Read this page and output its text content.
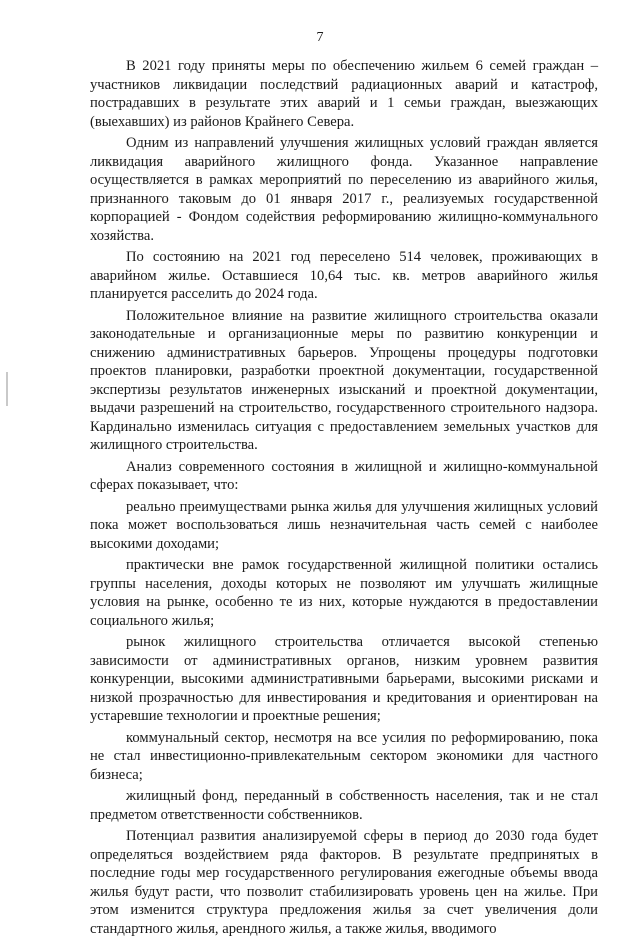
7

В 2021 году приняты меры по обеспечению жильем 6 семей граждан – участников ликвидации последствий радиационных аварий и катастроф, пострадавших в результате этих аварий и 1 семьи граждан, выезжающих (выехавших) из районов Крайнего Севера.

Одним из направлений улучшения жилищных условий граждан является ликвидация аварийного жилищного фонда. Указанное направление осуществляется в рамках мероприятий по переселению из аварийного жилья, признанного таковым до 01 января 2017 г., реализуемых государственной корпорацией - Фондом содействия реформированию жилищно-коммунального хозяйства.

По состоянию на 2021 год переселено 514 человек, проживающих в аварийном жилье. Оставшиеся 10,64 тыс. кв. метров аварийного жилья планируется расселить до 2024 года.

Положительное влияние на развитие жилищного строительства оказали законодательные и организационные меры по развитию конкуренции и снижению административных барьеров. Упрощены процедуры подготовки проектов планировки, разработки проектной документации, государственной экспертизы результатов инженерных изысканий и проектной документации, выдачи разрешений на строительство, государственного строительного надзора. Кардинально изменилась ситуация с предоставлением земельных участков для жилищного строительства.

Анализ современного состояния в жилищной и жилищно-коммунальной сферах показывает, что:

реально преимуществами рынка жилья для улучшения жилищных условий пока может воспользоваться лишь незначительная часть семей с наиболее высокими доходами;

практически вне рамок государственной жилищной политики остались группы населения, доходы которых не позволяют им улучшать жилищные условия на рынке, особенно те из них, которые нуждаются в предоставлении социального жилья;

рынок жилищного строительства отличается высокой степенью зависимости от административных органов, низким уровнем развития конкуренции, высокими административными барьерами, высокими рисками и низкой прозрачностью для инвестирования и кредитования и ориентирован на устаревшие технологии и проектные решения;

коммунальный сектор, несмотря на все усилия по реформированию, пока не стал инвестиционно-привлекательным сектором экономики для частного бизнеса;

жилищный фонд, переданный в собственность населения, так и не стал предметом ответственности собственников.

Потенциал развития анализируемой сферы в период до 2030 года будет определяться воздействием ряда факторов. В результате предпринятых в последние годы мер государственного регулирования ежегодные объемы ввода жилья будут расти, что позволит стабилизировать уровень цен на жилье. При этом изменится структура предложения жилья за счет увеличения доли стандартного жилья, арендного жилья, а также жилья, вводимого
